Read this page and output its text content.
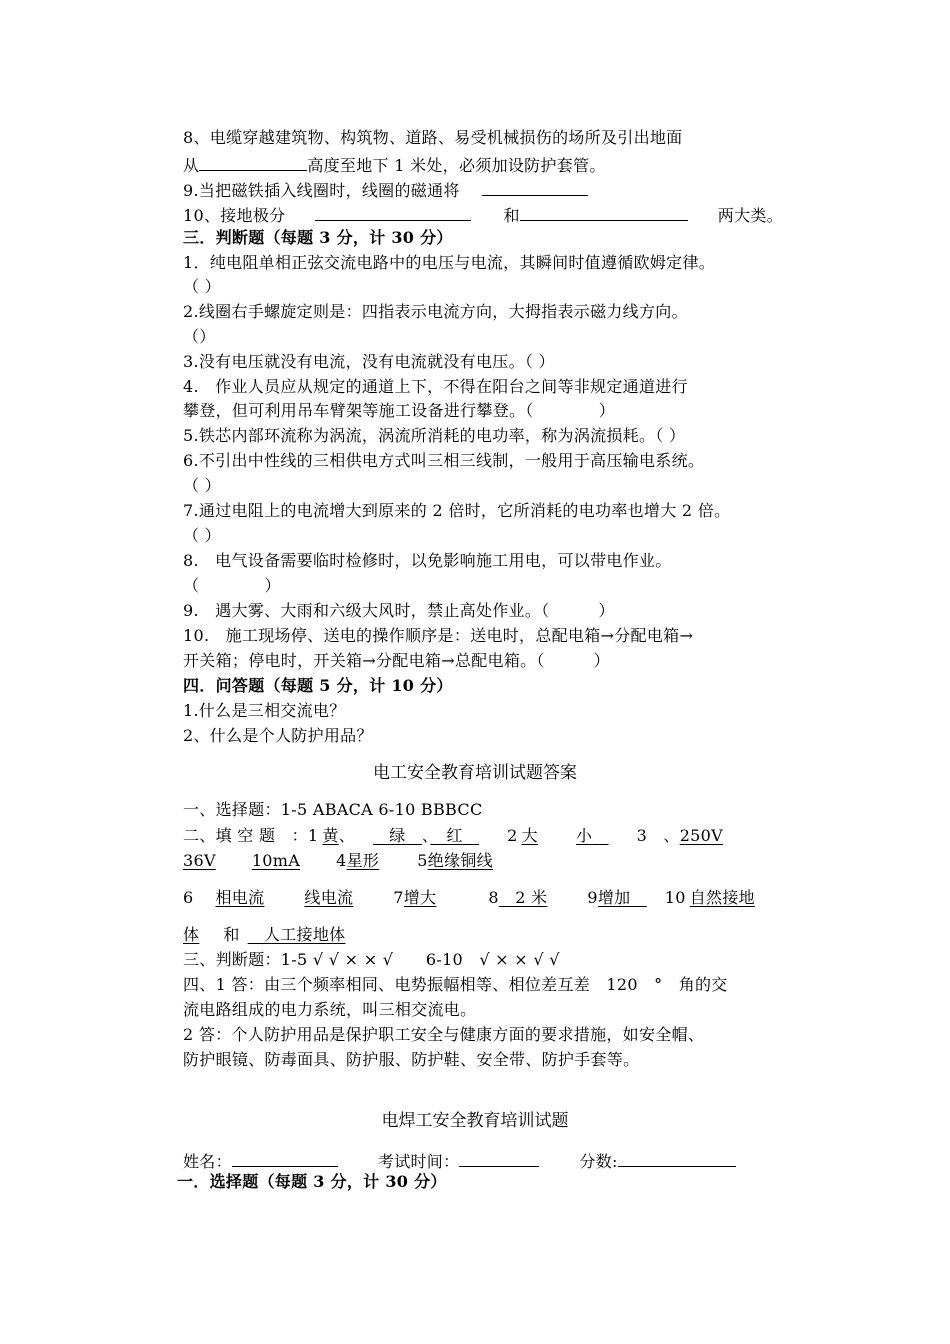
8、电缆穿越建筑物、构筑物、道路、易受机械损伤的场所及引出地面
从	高度至地下 1 米处，必须加设防护套管。
9.当把磁铁插入线圈时，线圈的磁通将
10、接地极分	和	两大类。
三．判断题（每题 3 分，计 30 分）
1．纯电阻单相正弦交流电路中的电压与电流，其瞬间时值遵循欧姆定律。
（ ）
2.线圈右手螺旋定则是：四指表示电流方向，大拇指表示磁力线方向。
（）
3.没有电压就没有电流，没有电流就没有电压。（ ）
4.　作业人员应从规定的通道上下，不得在阳台之间等非规定通道进行
攀登，但可利用吊车臂架等施工设备进行攀登。（　　　　）
5.铁芯内部环流称为涡流，涡流所消耗的电功率，称为涡流损耗。（ ）
6.不引出中性线的三相供电方式叫三相三线制，一般用于高压输电系统。
（ ）
7.通过电阻上的电流增大到原来的 2 倍时，它所消耗的电功率也增大 2 倍。
（ ）
8.　电气设备需要临时检修时，以免影响施工用电，可以带电作业。
（　　　　）
9.　遇大雾、大雨和六级大风时，禁止高处作业。（　　　）
10.　施工现场停、送电的操作顺序是：送电时，总配电箱→分配电箱→
开关箱；停电时，开关箱→分配电箱→总配电箱。（　　　）
四．问答题（每题 5 分，计 10 分）
1.什么是三相交流电？
2、什么是个人防护用品？
电工安全教育培训试题答案
一、选择题：1-5 ABACA 6-10 BBBCC
二、填 空 题　：1 黄、　 绿　 、　 红　	2 大 小　	3　、250V
36V 10mA 4星形 5绝缘铜线
6 相电流	线电流	7增大	8　 2 米	9增加　 10 自然接地
体 和　 人工接地体
三、判断题：1-5 √ √ × × √　　6-10　√ × × √ √
四、1 答：由三个频率相同、电势振幅相等、相位差互差　120　°　角的交
流电路组成的电力系统，叫三相交流电。
2 答：个人防护用品是保护职工安全与健康方面的要求措施，如安全帽、
防护眼镜、防毒面具、防护服、防护鞋、安全带、防护手套等。
电焊工安全教育培训试题
姓名：	考试时间：	分数:
一．选择题（每题 3 分，计 30 分）
